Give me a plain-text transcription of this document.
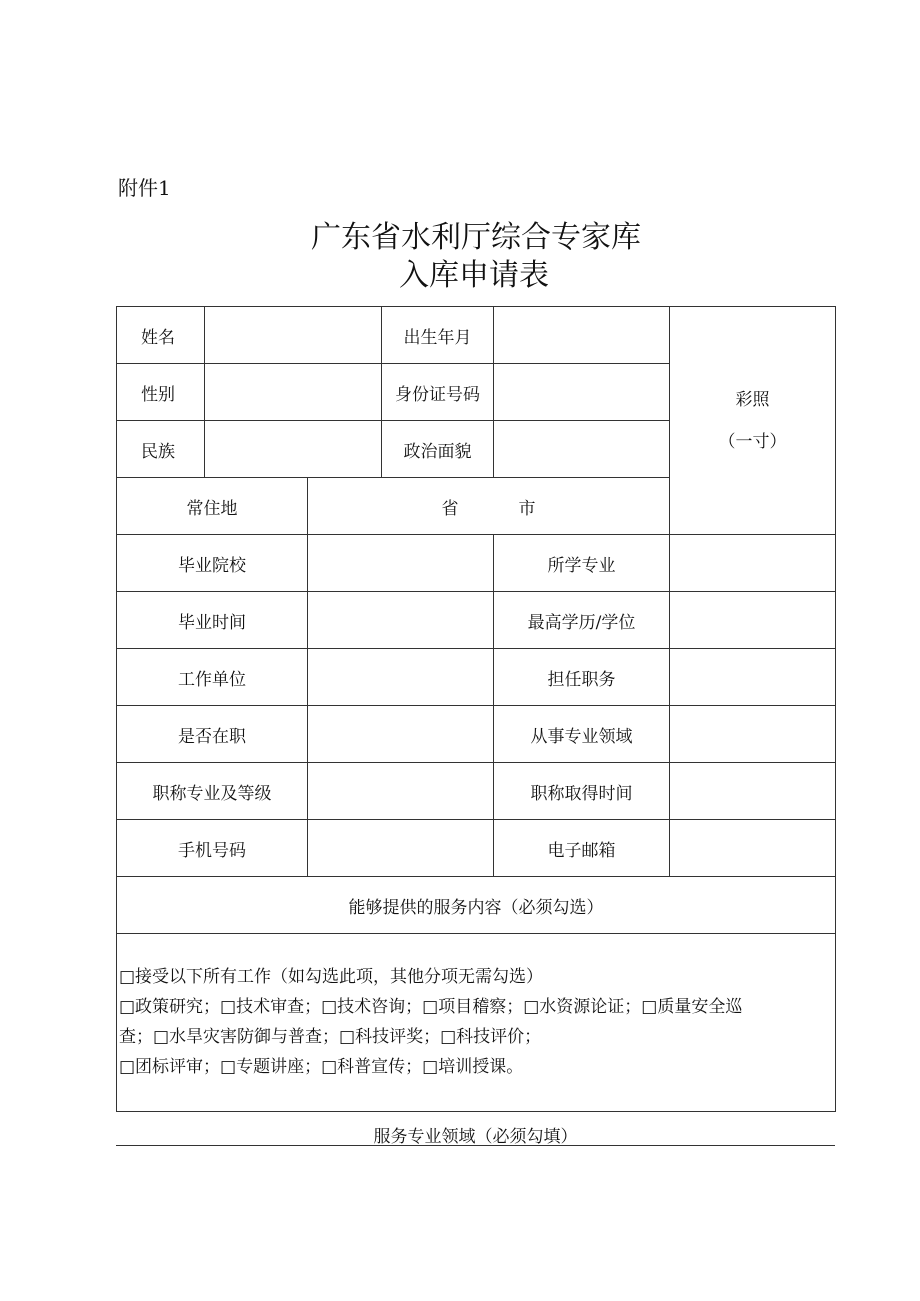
附件1
广东省水利厅综合专家库
入库申请表
姓名			出生年月		彩照
（一寸）

性别			身份证号码		
民族			政治面貌		
常住地		省 市			
毕业院校				所学专业	
毕业时间				最高学历/学位	
工作单位				担任职务	
是否在职				从事专业领域	
职称专业及等级				职称取得时间	
手机号码				电子邮箱	
能够提供的服务内容（必须勾选）					

□接受以下所有工作（如勾选此项，其他分项无需勾选）
□政策研究；□技术审查；□技术咨询；□项目稽察；□水资源论证；□质量安全巡
查；□水旱灾害防御与普查；□科技评奖；□科技评价；
□团标评审；□专题讲座；□科普宣传；□培训授课。					
服务专业领域（必须勾填）
